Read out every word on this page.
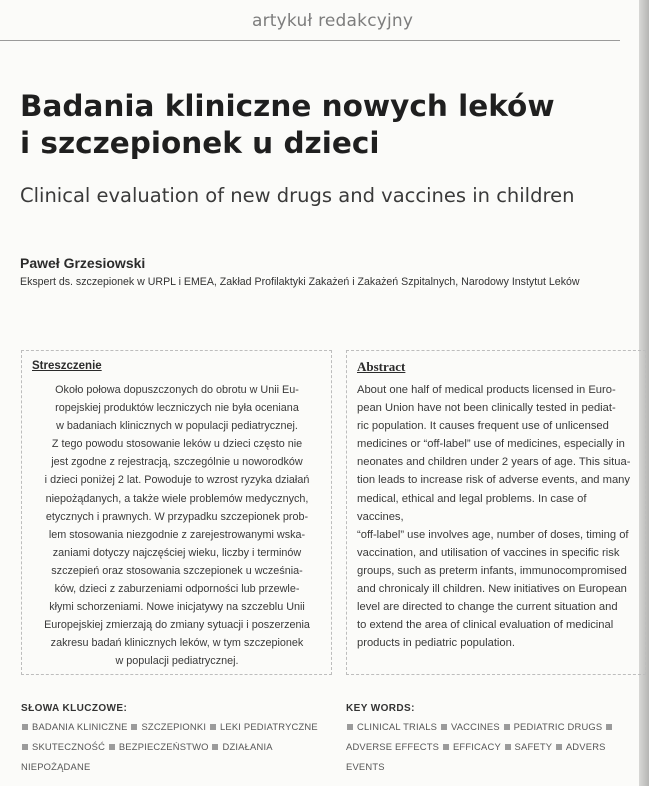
artykuł redakcyjny
Badania kliniczne nowych leków
i szczepionek u dzieci
Clinical evaluation of new drugs and vaccines in children
Paweł Grzesiowski
Ekspert ds. szczepionek w URPL i EMEA, Zakład Profilaktyki Zakażeń i Zakażeń Szpitalnych, Narodowy Instytut Leków
Streszczenie
Około połowa dopuszczonych do obrotu w Unii Eu-
ropejskiej produktów leczniczych nie była oceniana
w badaniach klinicznych w populacji pediatrycznej.
Z tego powodu stosowanie leków u dzieci często nie
jest zgodne z rejestracją, szczególnie u noworodków
i dzieci poniżej 2 lat. Powoduje to wzrost ryzyka działań
niepożądanych, a także wiele problemów medycznych,
etycznych i prawnych. W przypadku szczepionek prob-
lem stosowania niezgodnie z zarejestrowanymi wska-
zaniami dotyczy najczęściej wieku, liczby i terminów
szczepień oraz stosowania szczepionek u wcześnia-
ków, dzieci z zaburzeniami odporności lub przewle-
kłymi schorzeniami. Nowe inicjatywy na szczeblu Unii
Europejskiej zmierzają do zmiany sytuacji i poszerzenia
zakresu badań klinicznych leków, w tym szczepionek
w populacji pediatrycznej.
Abstract
About one half of medical products licensed in Euro-
pean Union have not been clinically tested in pediat-
ric population. It causes frequent use of unlicensed
medicines or “off-label” use of medicines, especially in
neonates and children under 2 years of age. This situa-
tion leads to increase risk of adverse events, and many
medical, ethical and legal problems. In case of vaccines,
“off-label” use involves age, number of doses, timing of
vaccination, and utilisation of vaccines in specific risk
groups, such as preterm infants, immunocompromised
and chronicaly ill children. New initiatives on European
level are directed to change the current situation and
to extend the area of clinical evaluation of medicinal
products in pediatric population.
SŁOWA KLUCZOWE:
BADANIA KLINICZNE SZCZEPIONKI LEKI PEDIATRYCZNE SKUTECZNOŚĆ BEZPIECZEŃSTWO DZIAŁANIA NIEPOŻĄDANE
KEY WORDS:
CLINICAL TRIALS VACCINES PEDIATRIC DRUGS ADVERSE EFFECTS EFFICACY SAFETY ADVERS EVENTS
